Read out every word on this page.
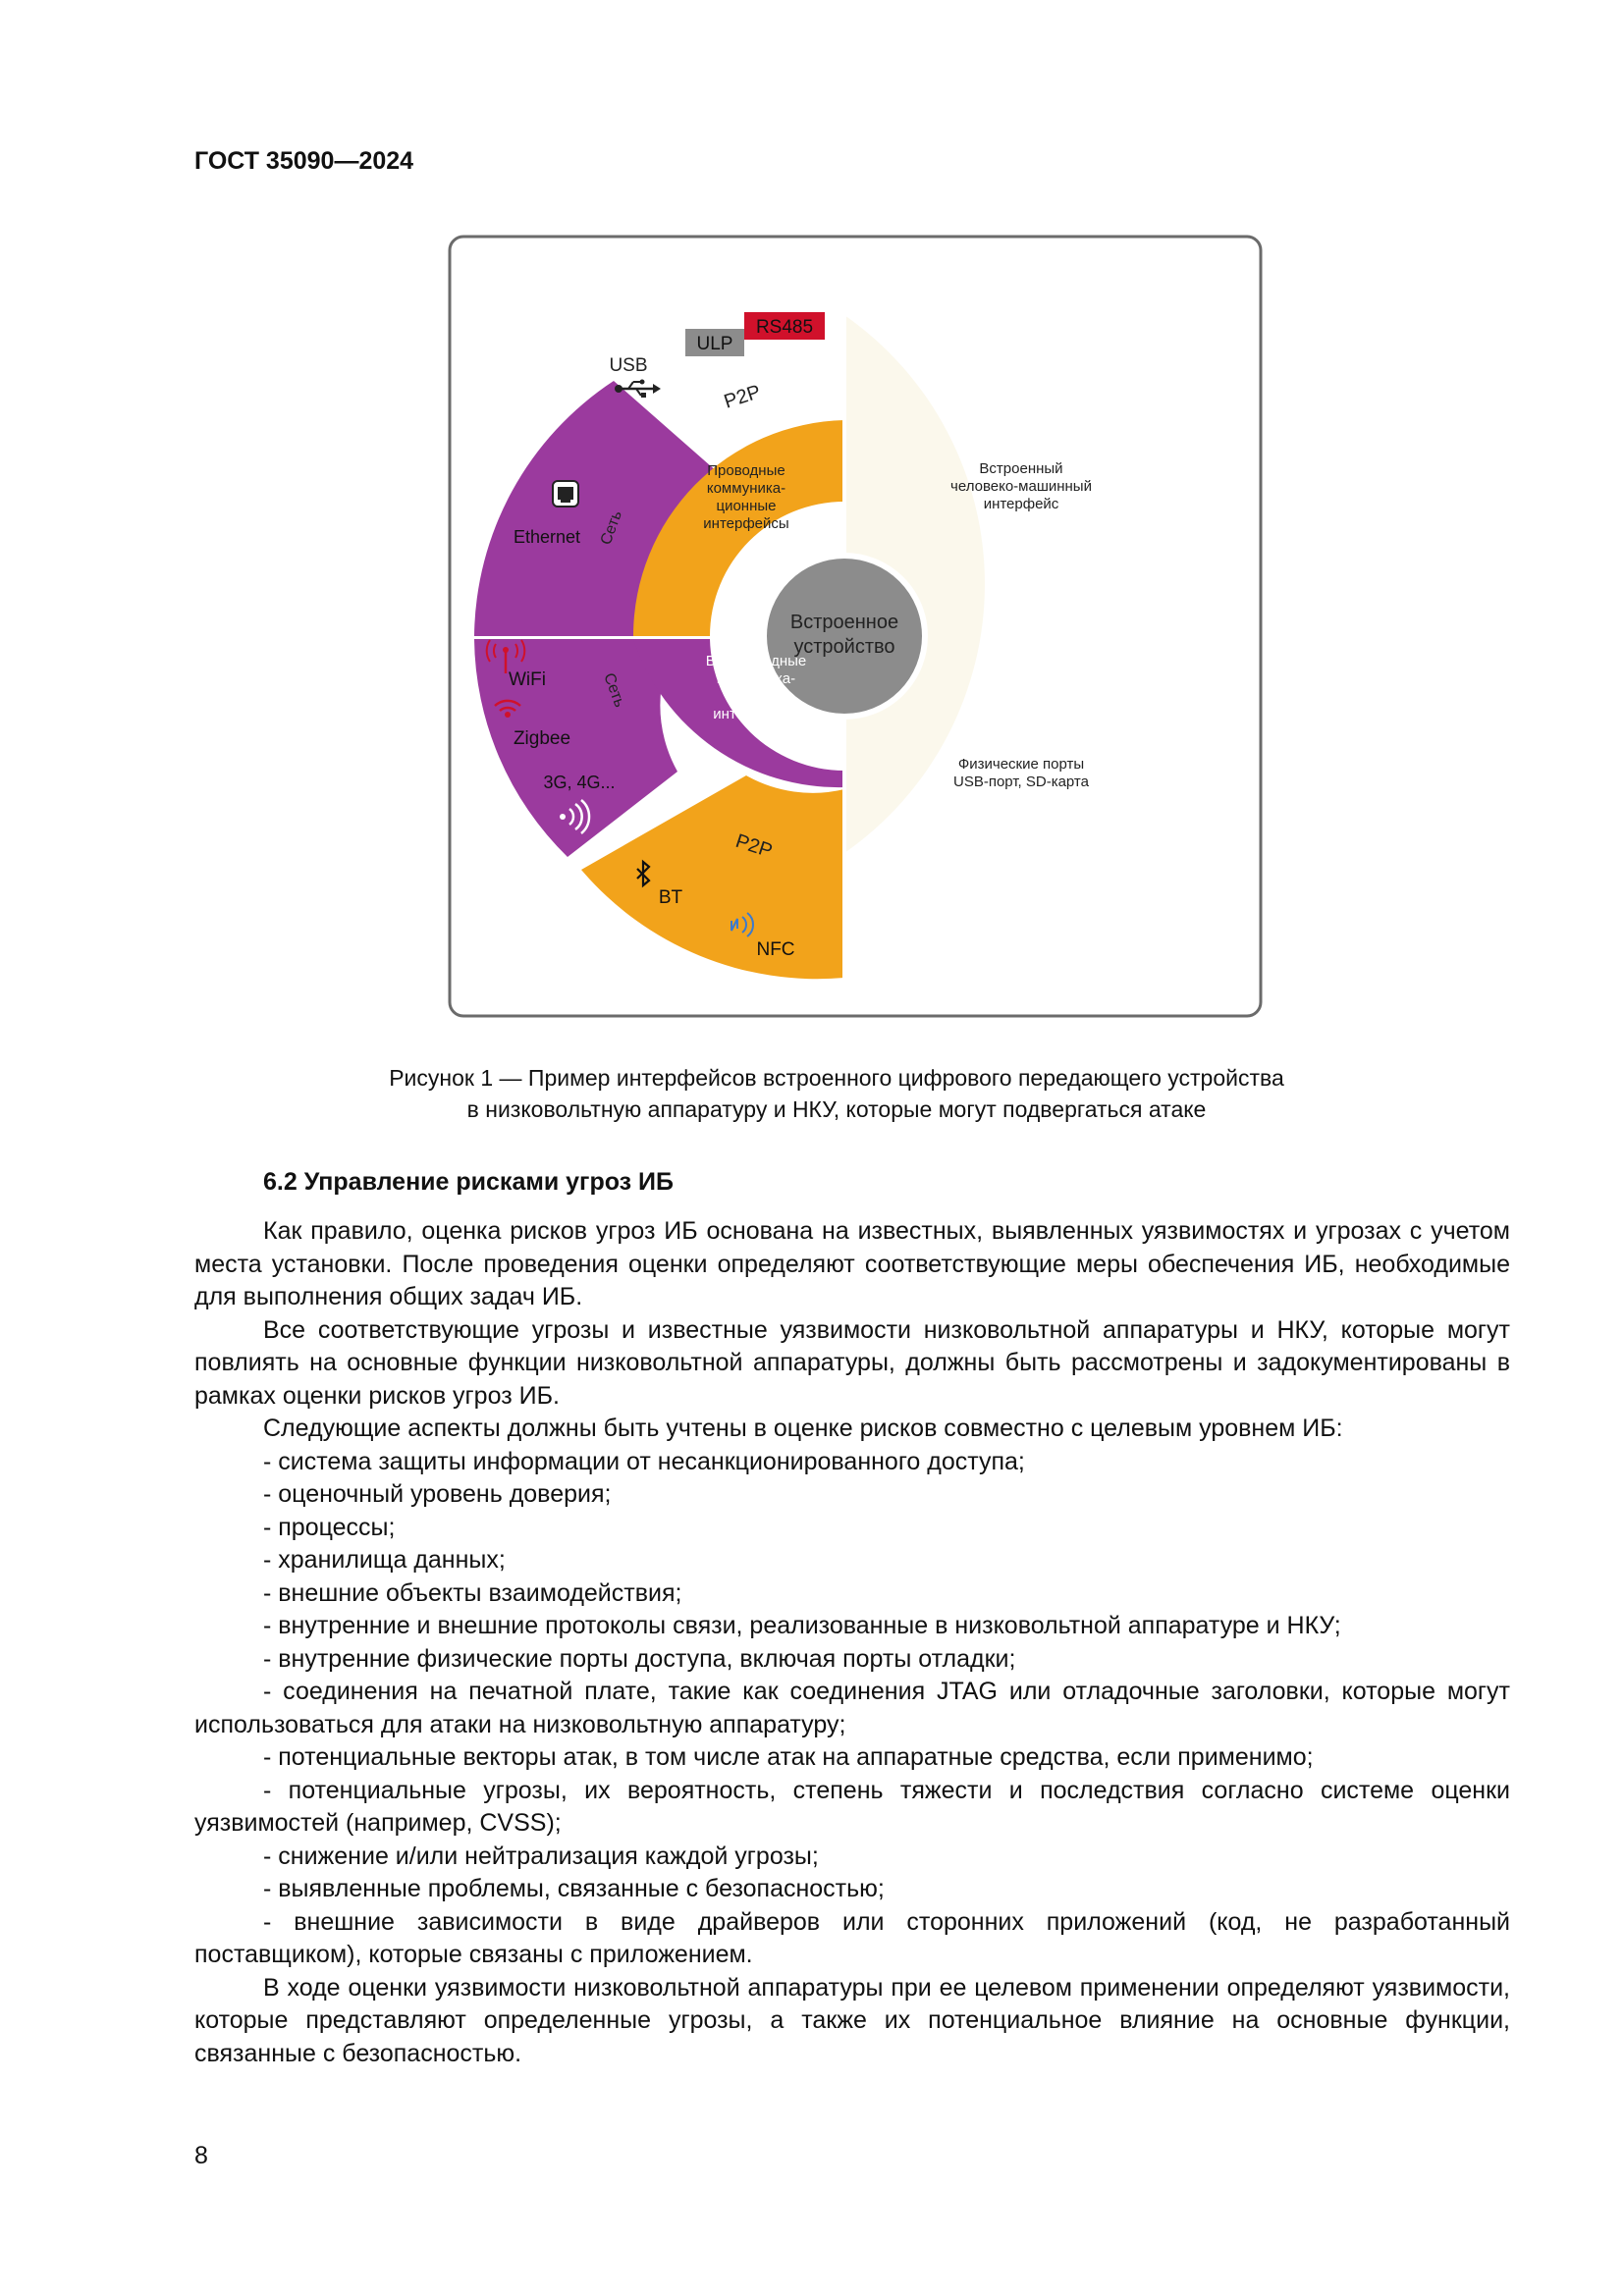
ГОСТ 35090—2024
Встроенное
устройство
Проводные
коммуника-
ционные
интерфейсы
Беспроводные
коммуника-
ционные
интерфейсы
Встроенный
человеко-машинный
интерфейс
Физические порты
USB-порт, SD-карта
USB
ULP
RS485
P2P
Ethernet Сеть
WiFi
Zigbee
Сеть
3G, 4G...
P2P
BT
NFC
Рисунок 1 — Пример интерфейсов встроенного цифрового передающего устройства
в низковольтную аппаратуру и НКУ, которые могут подвергаться атаке
6.2 Управление рисками угроз ИБ

Как правило, оценка рисков угроз ИБ основана на известных, выявленных уязвимостях и угрозах с учетом места установки. После проведения оценки определяют соответствующие меры обеспечения ИБ, необходимые для выполнения общих задач ИБ.

Все соответствующие угрозы и известные уязвимости низковольтной аппаратуры и НКУ, которые могут повлиять на основные функции низковольтной аппаратуры, должны быть рассмотрены и задокументированы в рамках оценки рисков угроз ИБ.

Следующие аспекты должны быть учтены в оценке рисков совместно с целевым уровнем ИБ:

- система защиты информации от несанкционированного доступа;

- оценочный уровень доверия;

- процессы;

- хранилища данных;

- внешние объекты взаимодействия;

- внутренние и внешние протоколы связи, реализованные в низковольтной аппаратуре и НКУ;

- внутренние физические порты доступа, включая порты отладки;

- соединения на печатной плате, такие как соединения JTAG или отладочные заголовки, которые могут использоваться для атаки на низковольтную аппаратуру;

- потенциальные векторы атак, в том числе атак на аппаратные средства, если применимо;

- потенциальные угрозы, их вероятность, степень тяжести и последствия согласно системе оценки уязвимостей (например, CVSS);

- снижение и/или нейтрализация каждой угрозы;

- выявленные проблемы, связанные с безопасностью;

- внешние зависимости в виде драйверов или сторонних приложений (код, не разработанный поставщиком), которые связаны с приложением.

В ходе оценки уязвимости низковольтной аппаратуры при ее целевом применении определяют уязвимости, которые представляют определенные угрозы, а также их потенциальное влияние на основные функции, связанные с безопасностью.

8
